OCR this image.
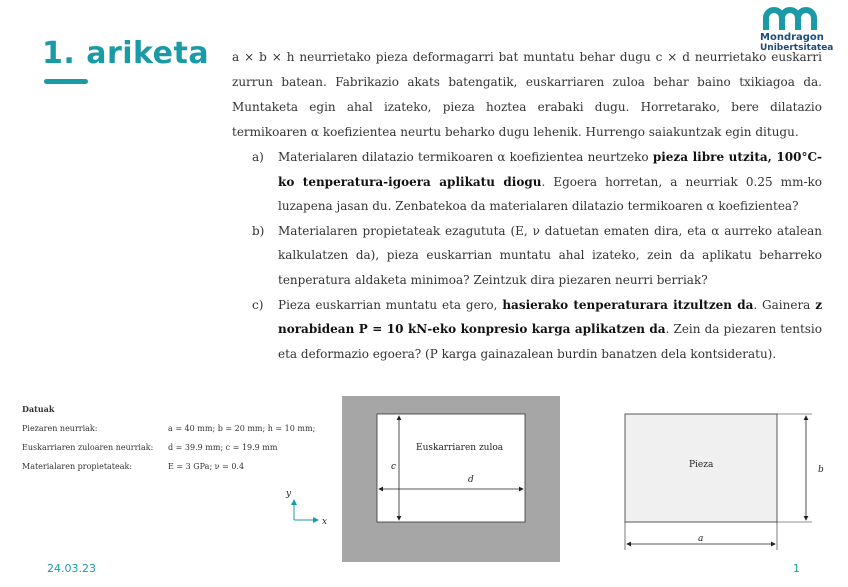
1. ariketa	Mondragon
Unibertsitatea
a × b × h neurrietako pieza deformagarri bat muntatu behar dugu c × d neurrietako euskarri zurrun batean. Fabrikazio akats batengatik, euskarriaren zuloa behar baino txikiagoa da. Muntaketa egin ahal izateko, pieza hoztea erabaki dugu. Horretarako, bere dilatazio termikoaren α koefizientea neurtu beharko dugu lehenik. Hurrengo saiakuntzak egin ditugu.
a)	Materialaren dilatazio termikoaren α koefizientea neurtzeko pieza libre utzita, 100°C-ko tenperatura-igoera aplikatu diogu. Egoera horretan, a neurriak 0.25 mm-ko luzapena jasan du. Zenbatekoa da materialaren dilatazio termikoaren α koefizientea?
b)	Materialaren propietateak ezagututa (E, ν datuetan ematen dira, eta α aurreko atalean kalkulatzen da), pieza euskarrian muntatu ahal izateko, zein da aplikatu beharreko tenperatura aldaketa minimoa? Zeintzuk dira piezaren neurri berriak?
c)	Pieza euskarrian muntatu eta gero, hasierako tenperaturara itzultzen da. Gainera z norabidean P = 10 kN-eko konpresio karga aplikatzen da. Zein da piezaren tentsio eta deformazio egoera? (P karga gainazalean burdin banatzen dela kontsideratu).
Datuak
Piezaren neurriak:	a = 40 mm; b = 20 mm; h = 10 mm;
Euskarriaren zuloaren neurriak:	d = 39.9 mm; c = 19.9 mm
Materialaren propietateak:	E = 3 GPa; ν = 0.4
Euskarriaren zuloa
c
d
y
x
Pieza
a
b
24.03.23	1
